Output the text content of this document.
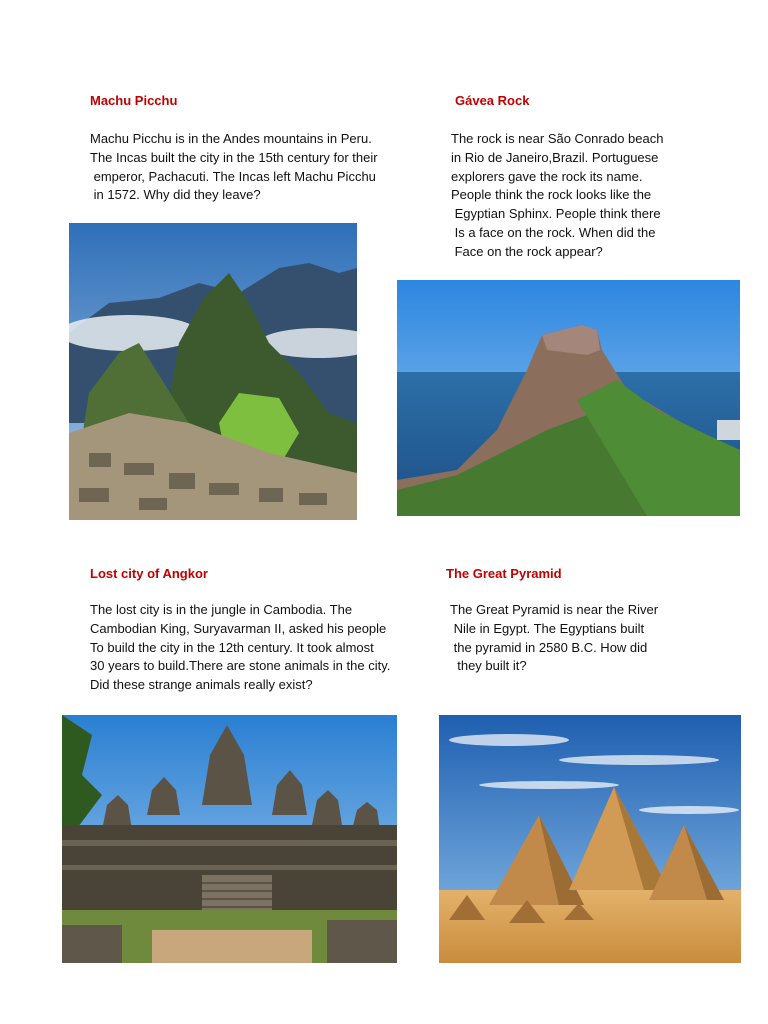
Machu Picchu

Machu Picchu is in the Andes mountains in Peru.
The Incas built the city in the 15th century for their
emperor, Pachacuti. The Incas left Machu Picchu
in 1572. Why did they leave?

Gávea Rock

The rock is near São Conrado beach
in Rio de Janeiro,Brazil. Portuguese
explorers gave the rock its name.
People think the rock looks like the
Egyptian Sphinx. People think there
Is a face on the rock. When did the
Face on the rock appear?

Lost city of Angkor

The lost city is in the jungle in Cambodia. The
Cambodian King, Suryavarman II, asked his people
To build the city in the 12th century. It took almost
30 years to build.There are stone animals in the city.
Did these strange animals really exist?

The Great Pyramid

The Great Pyramid is near the River
Nile in Egypt. The Egyptians built
the pyramid in 2580 B.C. How did
they built it?
